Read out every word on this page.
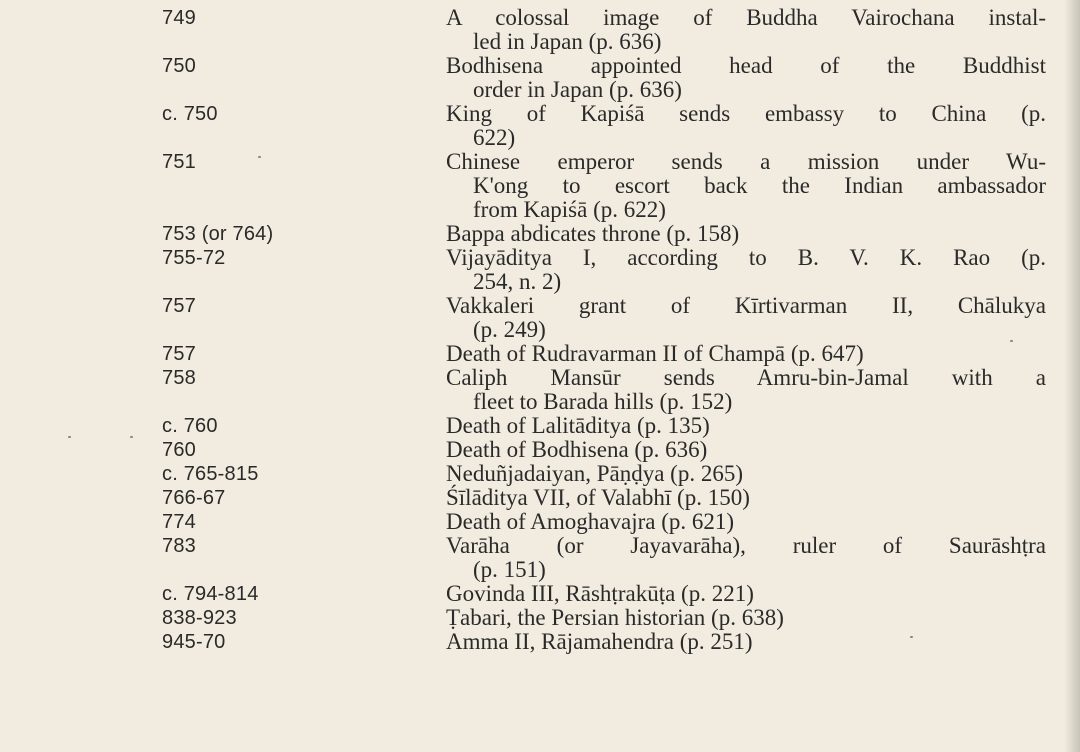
749	A colossal image of Buddha Vairochana instal-
led in Japan (p. 636)
750	Bodhisena appointed head of the Buddhist
order in Japan (p. 636)
c. 750	King of Kapiśā sends embassy to China (p.
622)
751	Chinese emperor sends a mission under Wu-
K'ong to escort back the Indian ambassador
from Kapiśā (p. 622)
753 (or 764)	Bappa abdicates throne (p. 158)
755-72	Vijayāditya I, according to B. V. K. Rao (p.
254, n. 2)
757	Vakkaleri grant of Kīrtivarman II, Chālukya
(p. 249)
757	Death of Rudravarman II of Champā (p. 647)
758	Caliph Mansūr sends Amru-bin-Jamal with a
fleet to Barada hills (p. 152)
c. 760	Death of Lalitāditya (p. 135)
760	Death of Bodhisena (p. 636)
c. 765-815	Neduñjadaiyan, Pāṇḍya (p. 265)
766-67	Śīlāditya VII, of Valabhī (p. 150)
774	Death of Amoghavajra (p. 621)
783	Varāha (or Jayavarāha), ruler of Saurāshṭra
(p. 151)
c. 794-814	Govinda III, Rāshṭrakūṭa (p. 221)
838-923	Ṭabari, the Persian historian (p. 638)
945-70	Amma II, Rājamahendra (p. 251)
